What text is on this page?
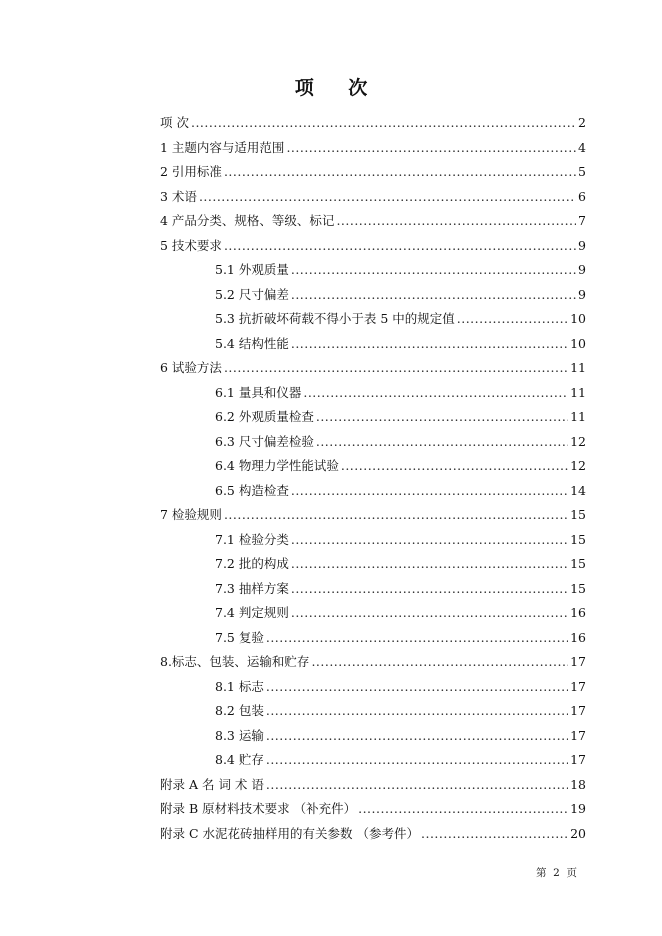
项 次
项 次 .....	2
1 主题内容与适用范围 .....	4
2 引用标准 .....	5
3 术语 .....	6
4 产品分类、规格、等级、标记 .....	7
5 技术要求 .....	9
5.1 外观质量 .....	9
5.2 尺寸偏差 .....	9
5.3 抗折破坏荷载不得小于表 5 中的规定值 .....	10
5.4 结构性能 .....	10
6 试验方法 .....	11
6.1 量具和仪器 .....	11
6.2 外观质量检查 .....	11
6.3 尺寸偏差检验 .....	12
6.4 物理力学性能试验 .....	12
6.5 构造检查 .....	14
7 检验规则 .....	15
7.1 检验分类 .....	15
7.2 批的构成 .....	15
7.3 抽样方案 .....	15
7.4 判定规则 .....	16
7.5 复验 .....	16
8.标志、包装、运输和贮存 .....	17
8.1 标志 .....	17
8.2 包装 .....	17
8.3 运输 .....	17
8.4 贮存 .....	17
附录 A 名 词 术 语 .....	18
附录 B 原材料技术要求 （补充件） .....	19
附录 C 水泥花砖抽样用的有关参数 （参考件） .....	20
第  2  页
